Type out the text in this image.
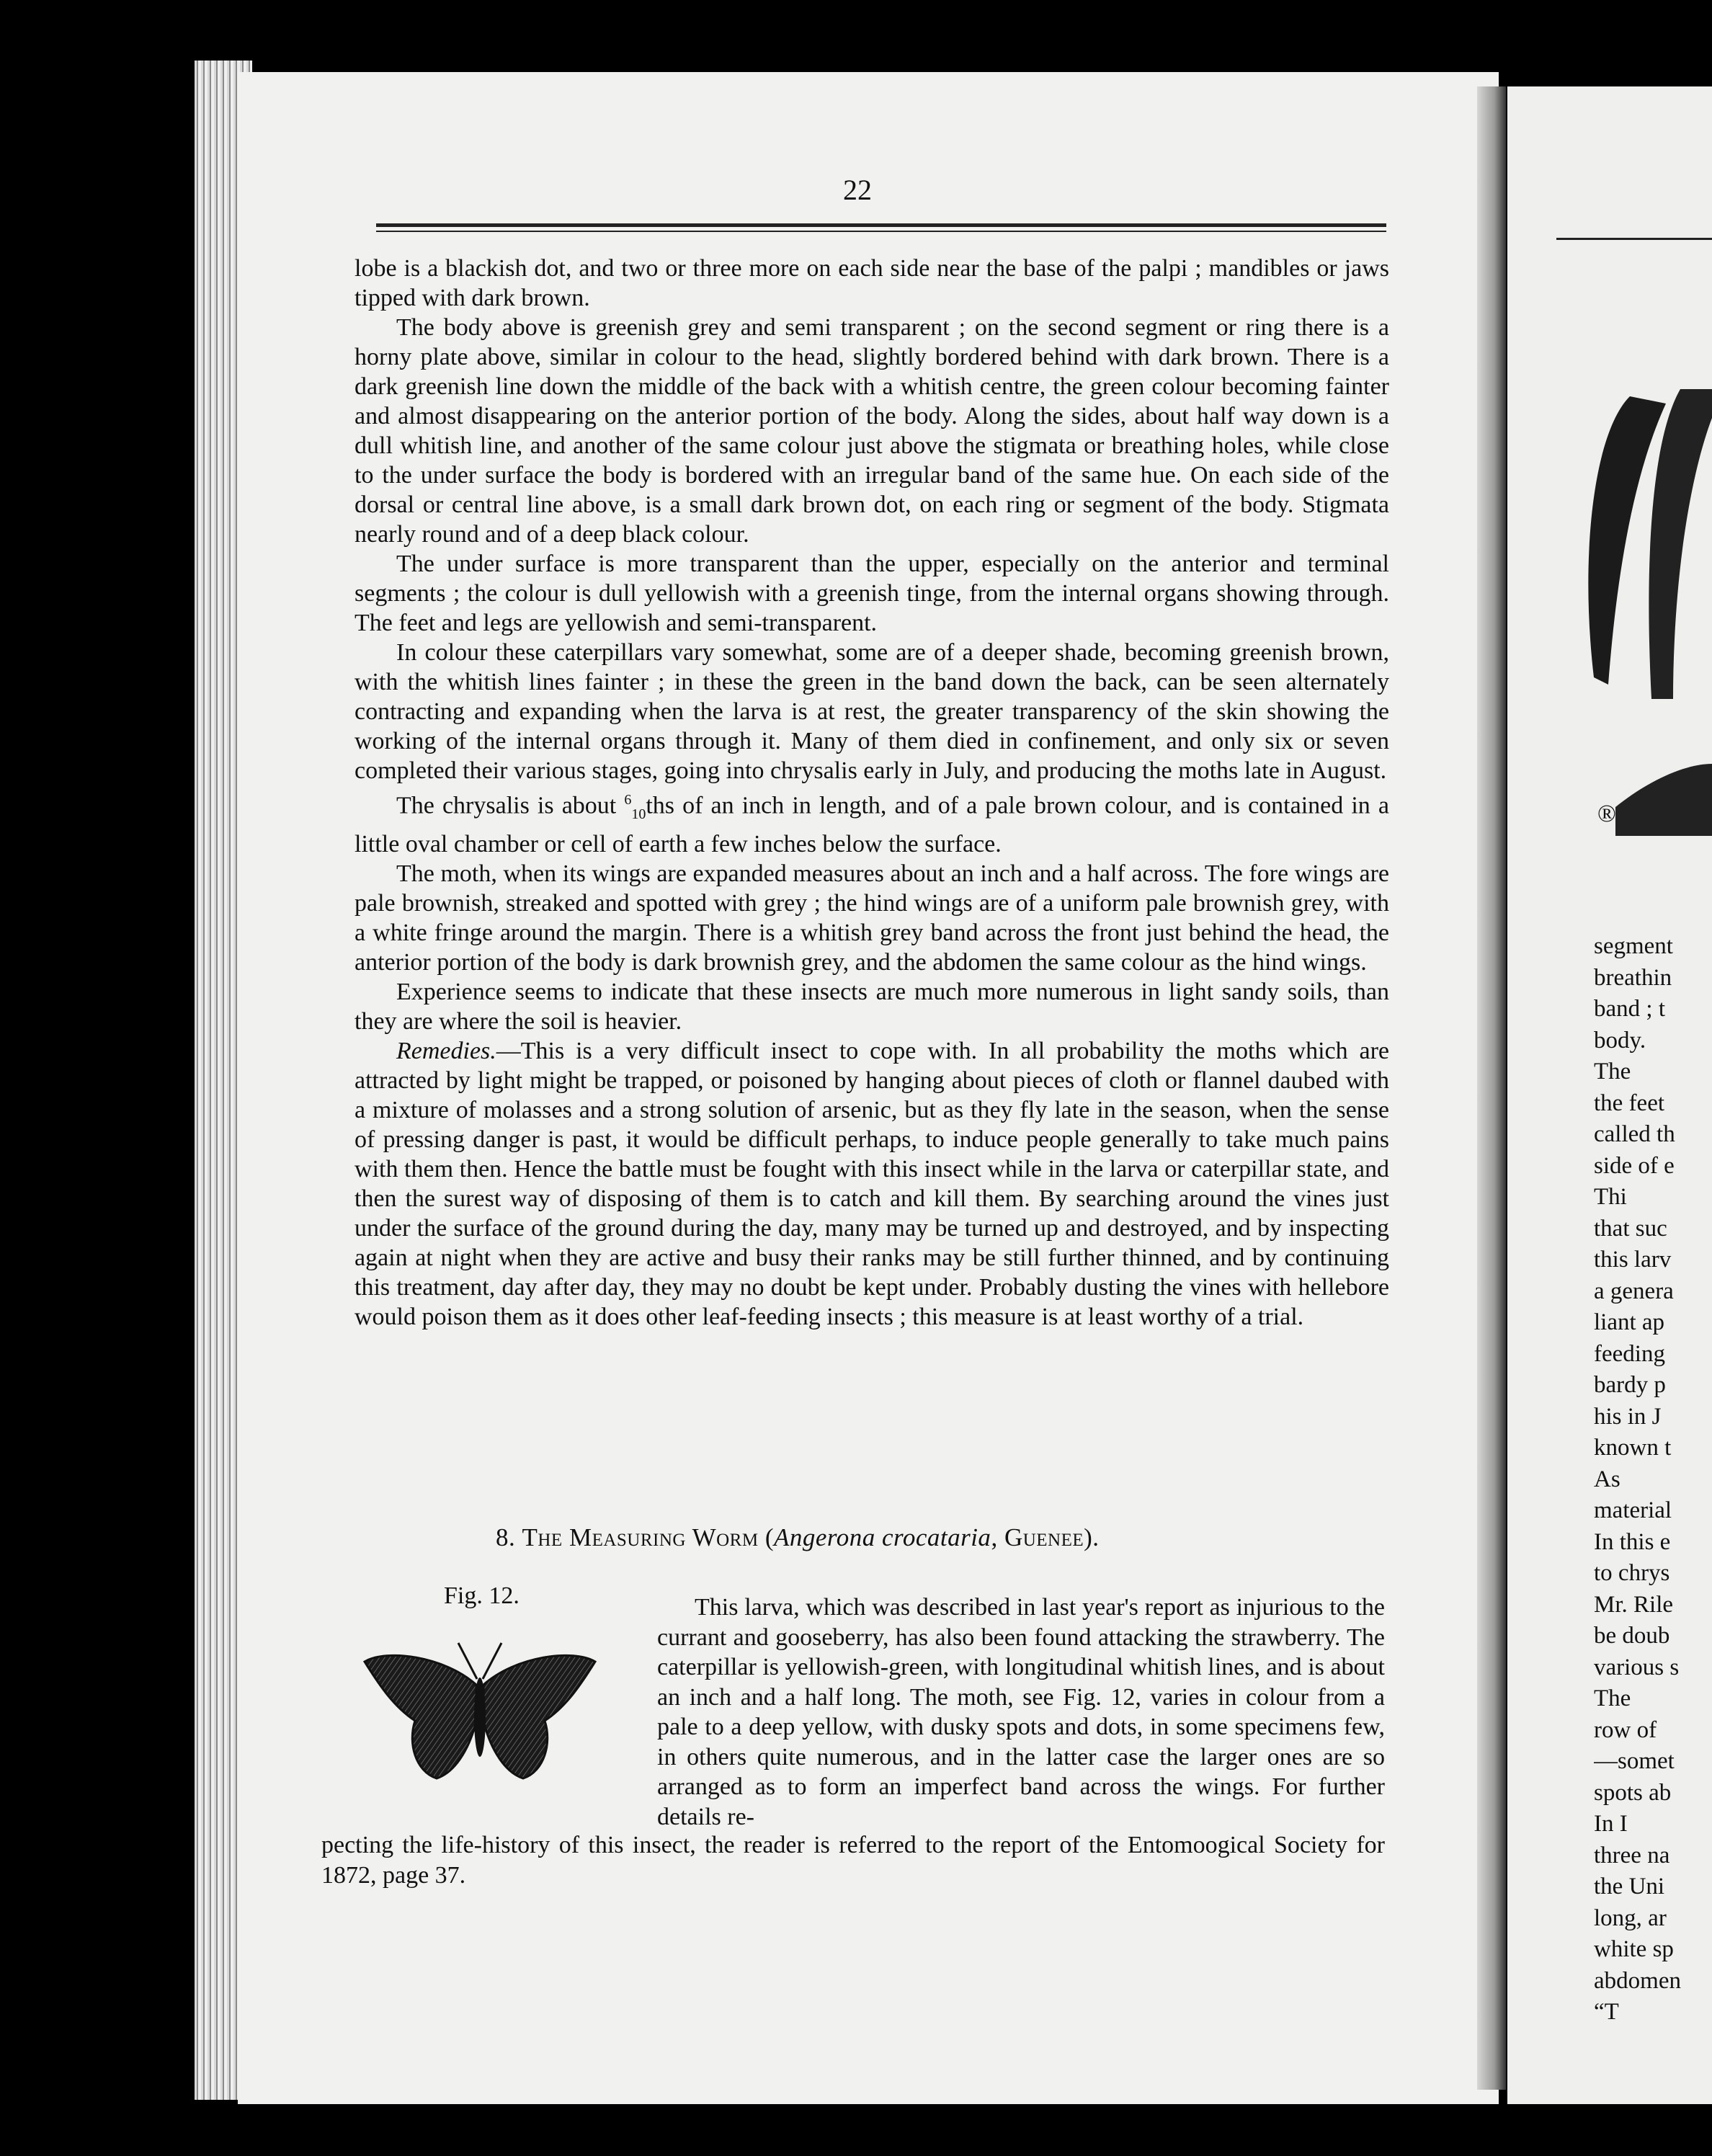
22

lobe is a blackish dot, and two or three more on each side near the base of the palpi ; mandibles or jaws tipped with dark brown.

The body above is greenish grey and semi transparent ; on the second segment or ring there is a horny plate above, similar in colour to the head, slightly bordered behind with dark brown. There is a dark greenish line down the middle of the back with a whitish centre, the green colour becoming fainter and almost disappearing on the anterior portion of the body. Along the sides, about half way down is a dull whitish line, and another of the same colour just above the stigmata or breathing holes, while close to the under surface the body is bordered with an irregular band of the same hue. On each side of the dorsal or central line above, is a small dark brown dot, on each ring or segment of the body. Stigmata nearly round and of a deep black colour.

The under surface is more transparent than the upper, especially on the anterior and terminal segments ; the colour is dull yellowish with a greenish tinge, from the internal organs showing through. The feet and legs are yellowish and semi-transparent.

In colour these caterpillars vary somewhat, some are of a deeper shade, becoming greenish brown, with the whitish lines fainter ; in these the green in the band down the back, can be seen alternately contracting and expanding when the larva is at rest, the greater transparency of the skin showing the working of the internal organs through it. Many of them died in confinement, and only six or seven completed their various stages, going into chrysalis early in July, and producing the moths late in August.

The chrysalis is about $^6_{10}$ths of an inch in length, and of a pale brown colour, and is contained in a little oval chamber or cell of earth a few inches below the surface.

The moth, when its wings are expanded measures about an inch and a half across. The fore wings are pale brownish, streaked and spotted with grey ; the hind wings are of a uniform pale brownish grey, with a white fringe around the margin. There is a whitish grey band across the front just behind the head, the anterior portion of the body is dark brownish grey, and the abdomen the same colour as the hind wings.

Experience seems to indicate that these insects are much more numerous in light sandy soils, than they are where the soil is heavier.

Remedies.—This is a very difficult insect to cope with. In all probability the moths which are attracted by light might be trapped, or poisoned by hanging about pieces of cloth or flannel daubed with a mixture of molasses and a strong solution of arsenic, but as they fly late in the season, when the sense of pressing danger is past, it would be difficult perhaps, to induce people generally to take much pains with them then. Hence the battle must be fought with this insect while in the larva or caterpillar state, and then the surest way of disposing of them is to catch and kill them. By searching around the vines just under the surface of the ground during the day, many may be turned up and destroyed, and by inspecting again at night when they are active and busy their ranks may be still further thinned, and by continuing this treatment, day after day, they may no doubt be kept under. Probably dusting the vines with hellebore would poison them as it does other leaf-feeding insects ; this measure is at least worthy of a trial.

8. The Measuring Worm (Angerona crocataria, Guenee).
Fig. 12.	This larva, which was described in last year's report as injurious to the currant and gooseberry, has also been found attacking the strawberry. The caterpillar is yellowish-green, with longitudinal whitish lines, and is about an inch and a half long. The moth, see Fig. 12, varies in colour from a pale to a deep yellow, with dusky spots and dots, in some specimens few, in others quite numerous, and in the latter case the larger ones are so arranged as to form an imperfect band across the wings. For further details re-

pecting the life-history of this insect, the reader is referred to the report of the Entomoogical Society for 1872, page 37.
®
segment
breathin
band ; t
body.
The
the feet
called th
side of e
Thi
that suc
this larv
a genera
liant ap
feeding
bardy p
his in J
known t
As
material
In this e
to chrys
Mr. Rile
be doub
various s
The
row of
—somet
spots ab
In I
three na
the Uni
long, ar
white sp
abdomen
“T
